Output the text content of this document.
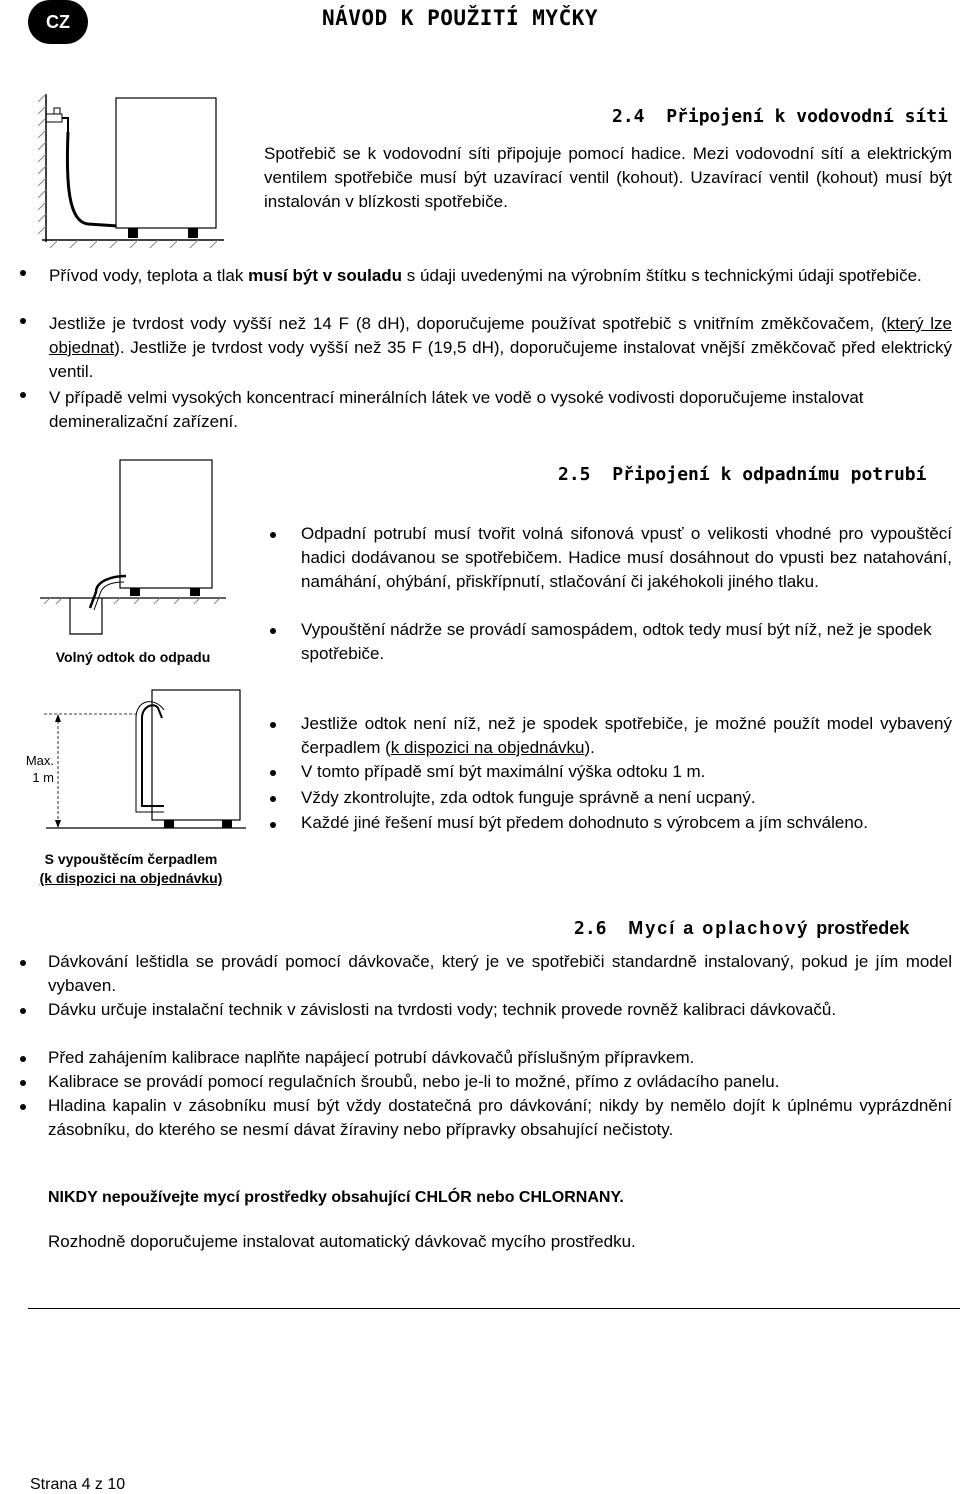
CZ	NÁVOD K POUŽITÍ MYČKY
2.4 Připojení k vodovodní síti
Spotřebič se k vodovodní síti připojuje pomocí hadice. Mezi vodovodní sítí a elektrickým ventilem spotřebiče musí být uzavírací ventil (kohout). Uzavírací ventil (kohout) musí být instalován v blízkosti spotřebiče.
Přívod vody, teplota a tlak musí být v souladu s údaji uvedenými na výrobním štítku s technickými údaji spotřebiče.
Jestliže je tvrdost vody vyšší než 14 F (8 dH), doporučujeme používat spotřebič s vnitřním změkčovačem, (který lze objednat). Jestliže je tvrdost vody vyšší než 35 F (19,5 dH), doporučujeme instalovat vnější změkčovač před elektrický ventil.
V případě velmi vysokých koncentrací minerálních látek ve vodě o vysoké vodivosti doporučujeme instalovat demineralizační zařízení.
2.5 Připojení k odpadnímu potrubí
Volný odtok do odpadu
Odpadní potrubí musí tvořit volná sifonová vpusť o velikosti vhodné pro vypouštěcí hadici dodávanou se spotřebičem. Hadice musí dosáhnout do vpusti bez natahování, namáhání, ohýbání, přiskřípnutí, stlačování či jakéhokoli jiného tlaku.
Vypouštění nádrže se provádí samospádem, odtok tedy musí být níž, než je spodek spotřebiče.
Max.
1 m
S vypouštěcím čerpadlem
(k dispozici na objednávku)
Jestliže odtok není níž, než je spodek spotřebiče, je možné použít model vybavený čerpadlem (k dispozici na objednávku).
V tomto případě smí být maximální výška odtoku 1 m.
Vždy zkontrolujte, zda odtok funguje správně a není ucpaný.
Každé jiné řešení musí být předem dohodnuto s výrobcem a jím schváleno.
2.6 Mycí a oplachový prostředek
Dávkování leštidla se provádí pomocí dávkovače, který je ve spotřebiči standardně instalovaný, pokud je jím model vybaven.
Dávku určuje instalační technik v závislosti na tvrdosti vody; technik provede rovněž kalibraci dávkovačů.
Před zahájením kalibrace naplňte napájecí potrubí dávkovačů příslušným přípravkem.
Kalibrace se provádí pomocí regulačních šroubů, nebo je-li to možné, přímo z ovládacího panelu.
Hladina kapalin v zásobníku musí být vždy dostatečná pro dávkování; nikdy by nemělo dojít k úplnému vyprázdnění zásobníku, do kterého se nesmí dávat žíraviny nebo přípravky obsahující nečistoty.
NIKDY nepoužívejte mycí prostředky obsahující CHLÓR nebo CHLORNANY.
Rozhodně doporučujeme instalovat automatický dávkovač mycího prostředku.
Strana 4 z 10
